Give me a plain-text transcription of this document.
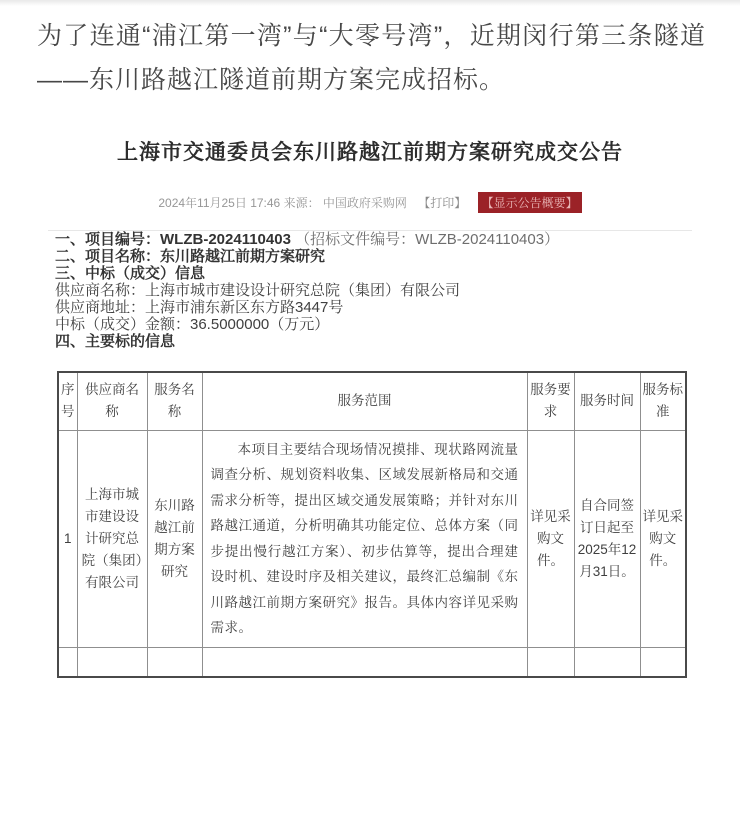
为了连通“浦江第一湾”与“大零号湾”，近期闵行第三条隧道——东川路越江隧道前期方案完成招标。

上海市交通委员会东川路越江前期方案研究成交公告
2024年11月25日 17:46 来源： 中国政府采购网 【打印】 【显示公告概要】

一、项目编号：WLZB-2024110403 （招标文件编号：WLZB-2024110403）

二、项目名称：东川路越江前期方案研究

三、中标（成交）信息

供应商名称：上海市城市建设设计研究总院（集团）有限公司

供应商地址：上海市浦东新区东方路3447号

中标（成交）金额：36.5000000（万元）

四、主要标的信息

序号	供应商名称	服务名称	服务范围	服务要求	服务时间	服务标准
1	上海市城市建设设计研究总院（集团）有限公司	东川路越江前期方案研究	本项目主要结合现场情况摸排、现状路网流量调查分析、规划资料收集、区域发展新格局和交通需求分析等，提出区域交通发展策略；并针对东川路越江通道，分析明确其功能定位、总体方案（同步提出慢行越江方案）、初步估算等，提出合理建设时机、建设时序及相关建议，最终汇总编制《东川路越江前期方案研究》报告。具体内容详见采购需求。	详见采购文件。	自合同签订日起至2025年12月31日。	详见采购文件。
